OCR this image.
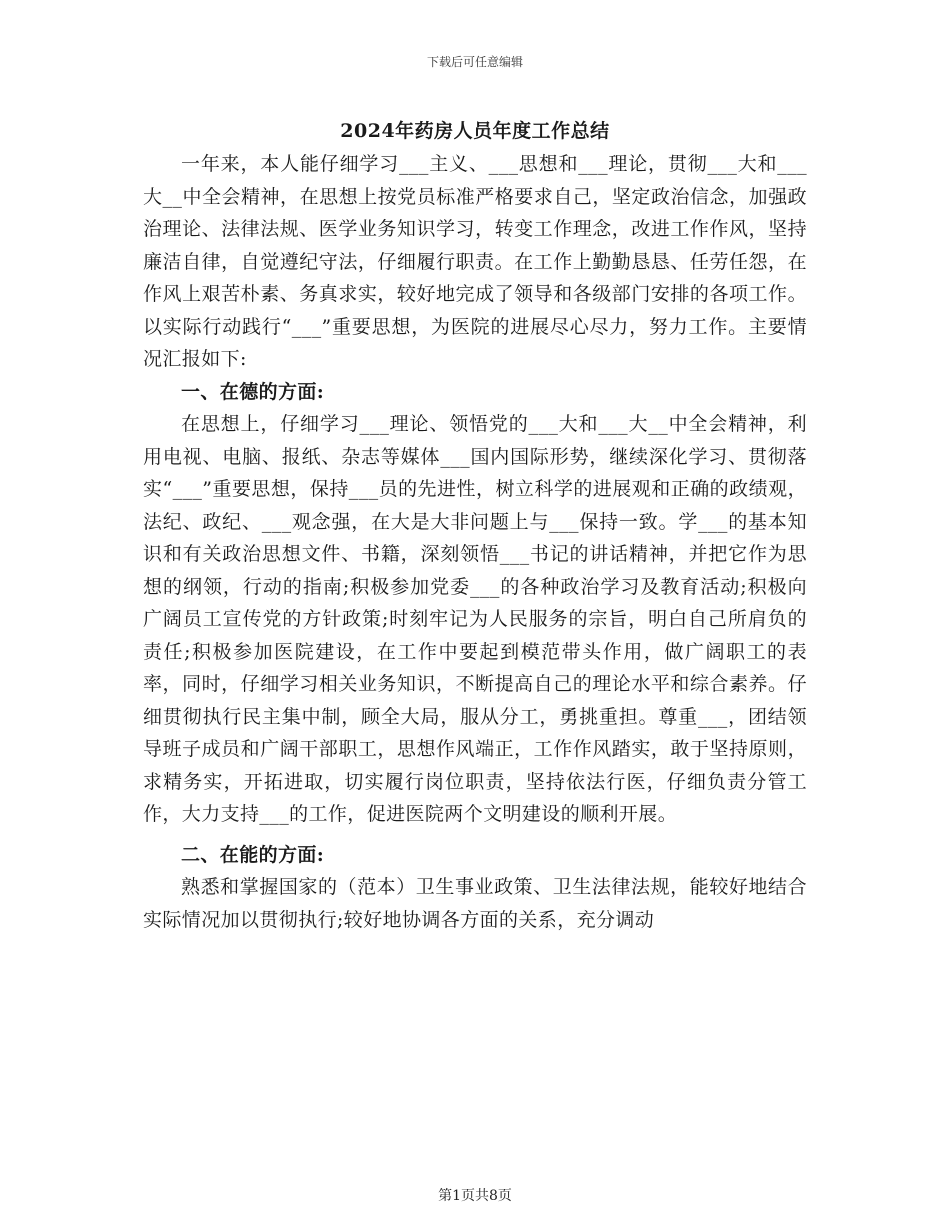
下载后可任意编辑
2024年药房人员年度工作总结

一年来，本人能仔细学习___主义、___思想和___理论，贯彻___大和___大__中全会精神，在思想上按党员标准严格要求自己，坚定政治信念，加强政治理论、法律法规、医学业务知识学习，转变工作理念，改进工作作风，坚持廉洁自律，自觉遵纪守法，仔细履行职责。在工作上勤勤恳恳、任劳任怨，在作风上艰苦朴素、务真求实，较好地完成了领导和各级部门安排的各项工作。以实际行动践行“___”重要思想，为医院的进展尽心尽力，努力工作。主要情况汇报如下:

一、在德的方面:

在思想上，仔细学习___理论、领悟党的___大和___大__中全会精神，利用电视、电脑、报纸、杂志等媒体___国内国际形势，继续深化学习、贯彻落实“___”重要思想，保持___员的先进性，树立科学的进展观和正确的政绩观，法纪、政纪、___观念强，在大是大非问题上与___保持一致。学___的基本知识和有关政治思想文件、书籍，深刻领悟___书记的讲话精神，并把它作为思想的纲领，行动的指南;积极参加党委___的各种政治学习及教育活动;积极向广阔员工宣传党的方针政策;时刻牢记为人民服务的宗旨，明白自己所肩负的责任;积极参加医院建设，在工作中要起到模范带头作用，做广阔职工的表率，同时，仔细学习相关业务知识，不断提高自己的理论水平和综合素养。仔细贯彻执行民主集中制，顾全大局，服从分工，勇挑重担。尊重___，团结领导班子成员和广阔干部职工，思想作风端正，工作作风踏实，敢于坚持原则，求精务实，开拓进取，切实履行岗位职责，坚持依法行医，仔细负责分管工作，大力支持___的工作，促进医院两个文明建设的顺利开展。

二、在能的方面:

熟悉和掌握国家的（范本）卫生事业政策、卫生法律法规，能较好地结合实际情况加以贯彻执行;较好地协调各方面的关系，充分调动

第1页共8页
